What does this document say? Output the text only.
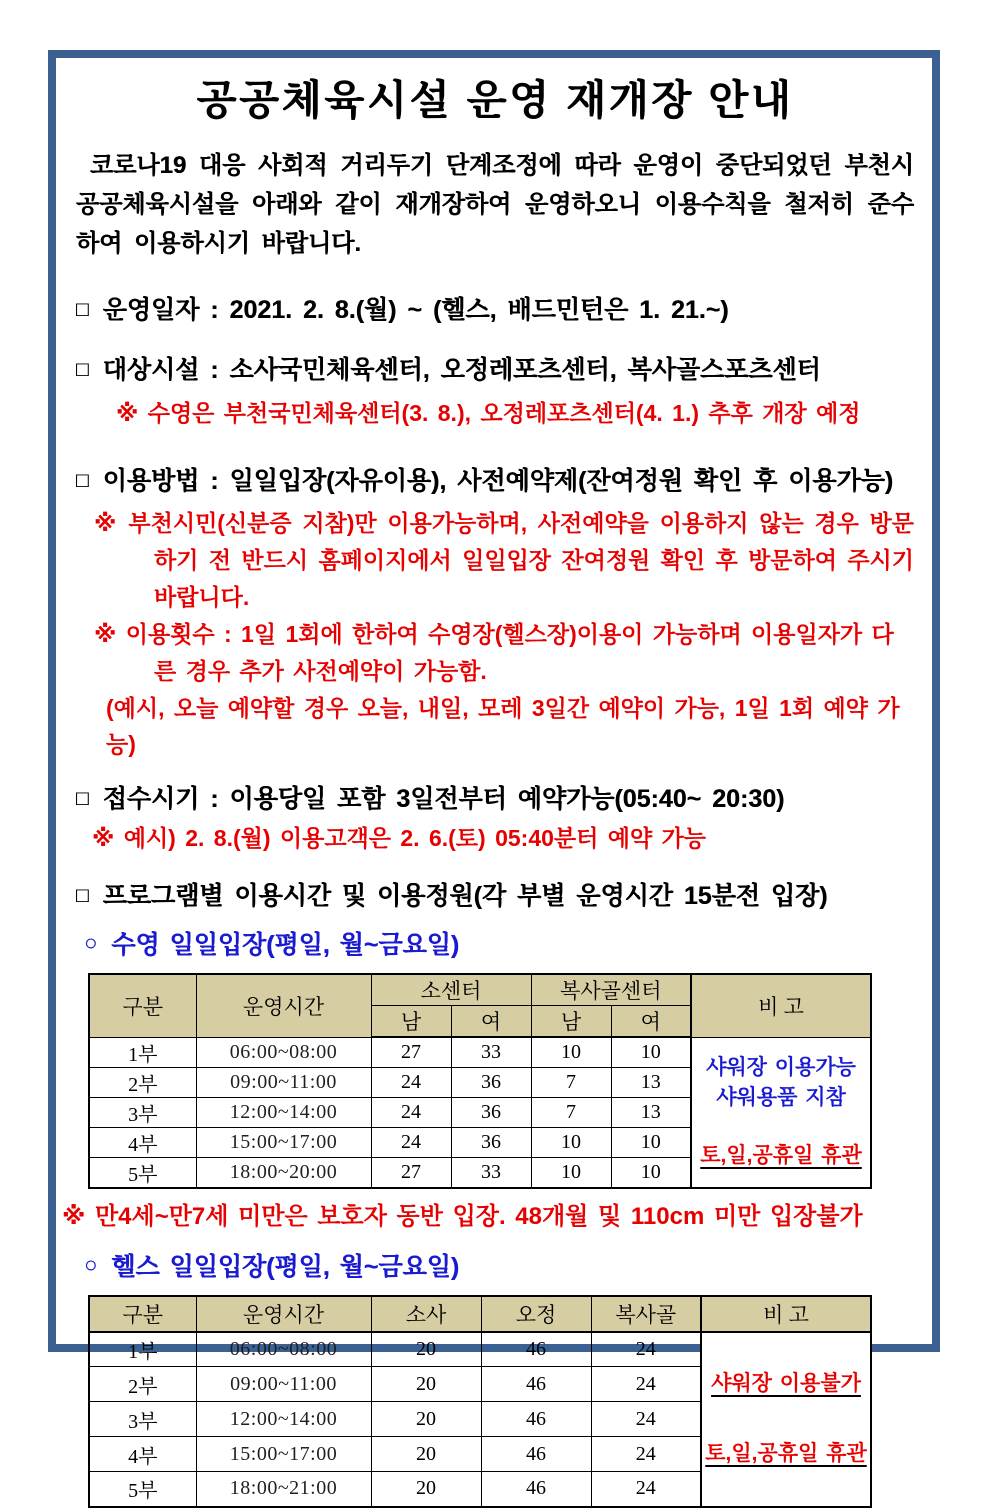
공공체육시설 운영 재개장 안내

코로나19 대응 사회적 거리두기 단계조정에 따라 운영이 중단되었던 부천시 공공체육시설을 아래와 같이 재개장하여 운영하오니 이용수칙을 철저히 준수하여 이용하시기 바랍니다.

□ 운영일자 : 2021. 2. 8.(월) ~ (헬스, 배드민턴은 1. 21.~)
□ 대상시설 : 소사국민체육센터, 오정레포츠센터, 복사골스포츠센터

※ 수영은 부천국민체육센터(3. 8.), 오정레포츠센터(4. 1.) 추후 개장 예정

□ 이용방법 : 일일입장(자유이용), 사전예약제(잔여정원 확인 후 이용가능)

※ 부천시민(신분증 지참)만 이용가능하며, 사전예약을 이용하지 않는 경우 방문하기 전 반드시 홈페이지에서 일일입장 잔여정원 확인 후 방문하여 주시기 바랍니다.

※ 이용횟수 : 1일 1회에 한하여 수영장(헬스장)이용이 가능하며 이용일자가 다른 경우 추가 사전예약이 가능함.

(예시, 오늘 예약할 경우 오늘, 내일, 모레 3일간 예약이 가능, 1일 1회 예약 가능)

□ 접수시기 : 이용당일 포함 3일전부터 예약가능(05:40~ 20:30)

※ 예시) 2. 8.(월) 이용고객은 2. 6.(토) 05:40분터 예약 가능

□ 프로그램별 이용시간 및 이용정원(각 부별 운영시간 15분전 입장)
○ 수영 일일입장(평일, 월~금요일)
구분	운영시간	소센터		복사골센터		비 고
		남	여	남	여	
1부	06:00~08:00	27	33	10	10	샤워장 이용가능
샤워용품 지참
토,일,공휴일 휴관

2부	09:00~11:00	24	36	7	13	
3부	12:00~14:00	24	36	7	13	
4부	15:00~17:00	24	36	10	10	
5부	18:00~20:00	27	33	10	10	

※ 만4세~만7세 미만은 보호자 동반 입장. 48개월 및 110cm 미만 입장불가

○ 헬스 일일입장(평일, 월~금요일)
구분	운영시간	소사	오정	복사골	비 고
1부	06:00~08:00	20	46	24	샤워장 이용불가
토,일,공휴일 휴관

2부	09:00~11:00	20	46	24	
3부	12:00~14:00	20	46	24	
4부	15:00~17:00	20	46	24	
5부	18:00~21:00	20	46	24	
